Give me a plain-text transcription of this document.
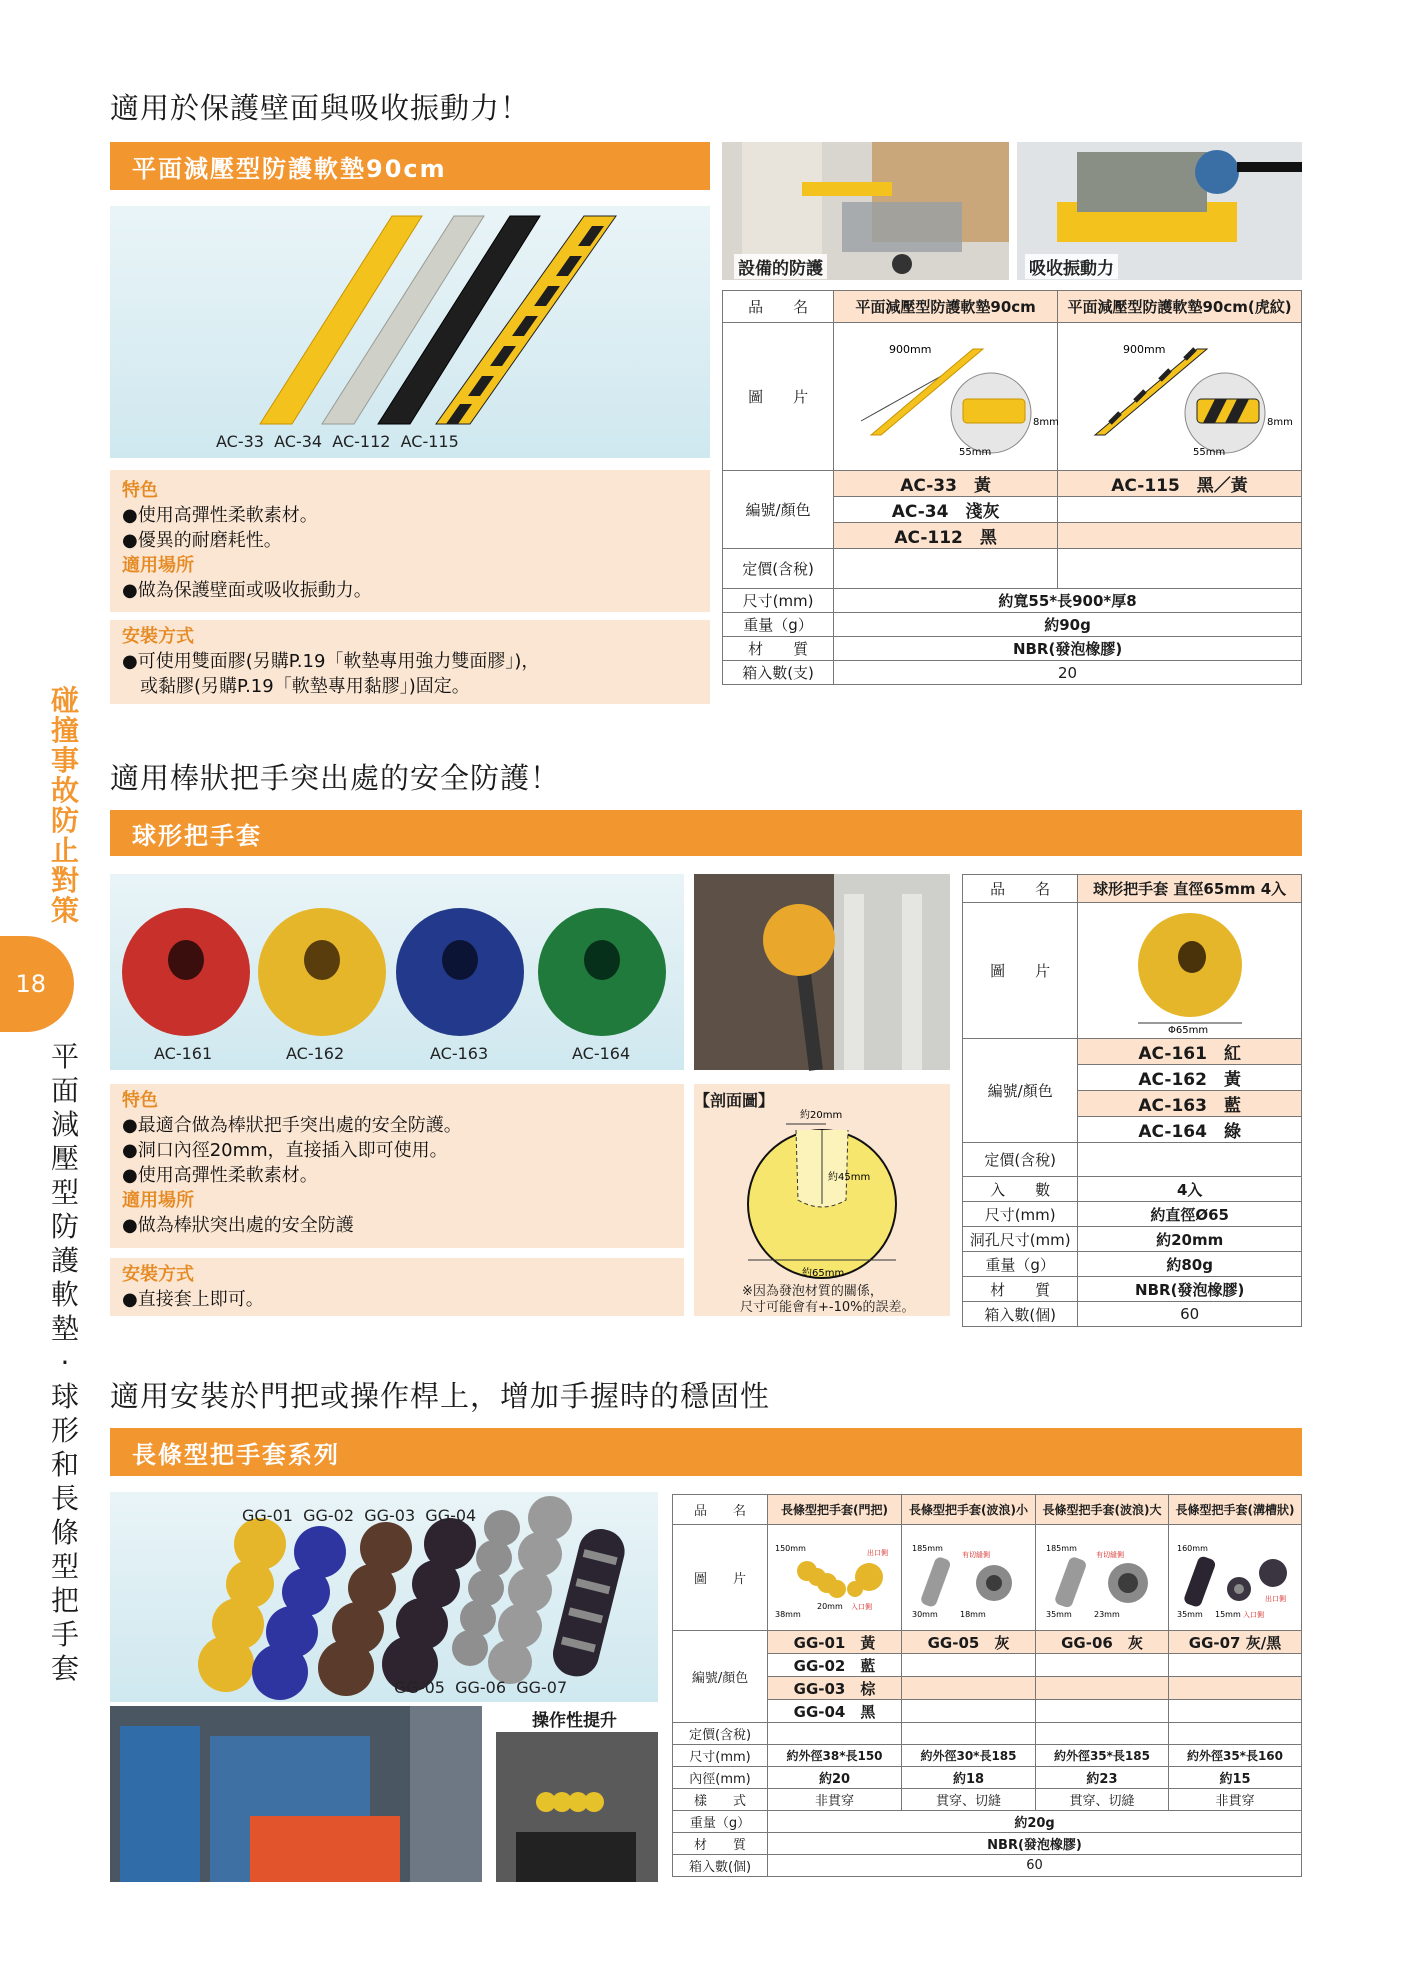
碰
撞
事
故
防
止
對
策
18
平
面
減
壓
型
防
護
軟
墊
·
球
形
和
長
條
型
把
手
套
適用於保護壁面與吸收振動力！
平面減壓型防護軟墊90cm
AC-33  AC-34  AC-112  AC-115
設備的防護	吸收振動力
特色
●使用高彈性柔軟素材。
●優異的耐磨耗性。
適用場所
●做為保護壁面或吸收振動力。
安裝方式
●可使用雙面膠(另購P.19「軟墊專用強力雙面膠」)，
　或黏膠(另購P.19「軟墊專用黏膠」)固定。
品　　名	平面減壓型防護軟墊90cm	平面減壓型防護軟墊90cm(虎紋)
圖　　片	900mm
55mm
8mm	900mm
55mm
8mm

編號/顏色	AC-33　黃	AC-115　黑／黃
	AC-34　淺灰	
	AC-112　黑	
定價(含稅)		
尺寸(mm)	約寬55*長900*厚8	
重量（g）	約90g	
材　　質	NBR(發泡橡膠)	
箱入數(支)	20	
適用棒狀把手突出處的安全防護！
球形把手套
AC-161	AC-162	AC-163	AC-164
特色
●最適合做為棒狀把手突出處的安全防護。
●洞口內徑20mm，直接插入即可使用。
●使用高彈性柔軟素材。
適用場所
●做為棒狀突出處的安全防護
安裝方式
●直接套上即可。
【剖面圖】
約20mm
約45mm
約65mm
※因為發泡材質的關係，
尺寸可能會有+-10%的誤差。
品　　名	球形把手套 直徑65mm 4入
圖　　片	Φ65mm

編號/顏色	AC-161　紅
	AC-162　黃
	AC-163　藍
	AC-164　綠
定價(含稅)	
入　　數	4入
尺寸(mm)	約直徑Ø65
洞孔尺寸(mm)	約20mm
重量（g）	約80g
材　　質	NBR(發泡橡膠)
箱入數(個)	60
適用安裝於門把或操作桿上，增加手握時的穩固性
長條型把手套系列
GG-01  GG-02  GG-03  GG-04
GG-05  GG-06  GG-07
操作性提升
品　　名	長條型把手套(門把)	長條型把手套(波浪)小	長條型把手套(波浪)大	長條型把手套(溝槽狀)
圖　　片	150mm
38mm
20mm
出口側
入口側	185mm
30mm 18mm
有切縫側	185mm
35mm 23mm
有切縫側	160mm
35mm 15mm
出口側
入口側

編號/顏色	GG-01　黃	GG-05　灰	GG-06　灰	GG-07 灰/黑
	GG-02　藍			
	GG-03　棕			
	GG-04　黑			
定價(含稅)				
尺寸(mm)	約外徑38*長150	約外徑30*長185	約外徑35*長185	約外徑35*長160
內徑(mm)	約20	約18	約23	約15
樣　　式	非貫穿	貫穿、切縫	貫穿、切縫	非貫穿
重量（g）	約20g			
材　　質	NBR(發泡橡膠)			
箱入數(個)	60			
